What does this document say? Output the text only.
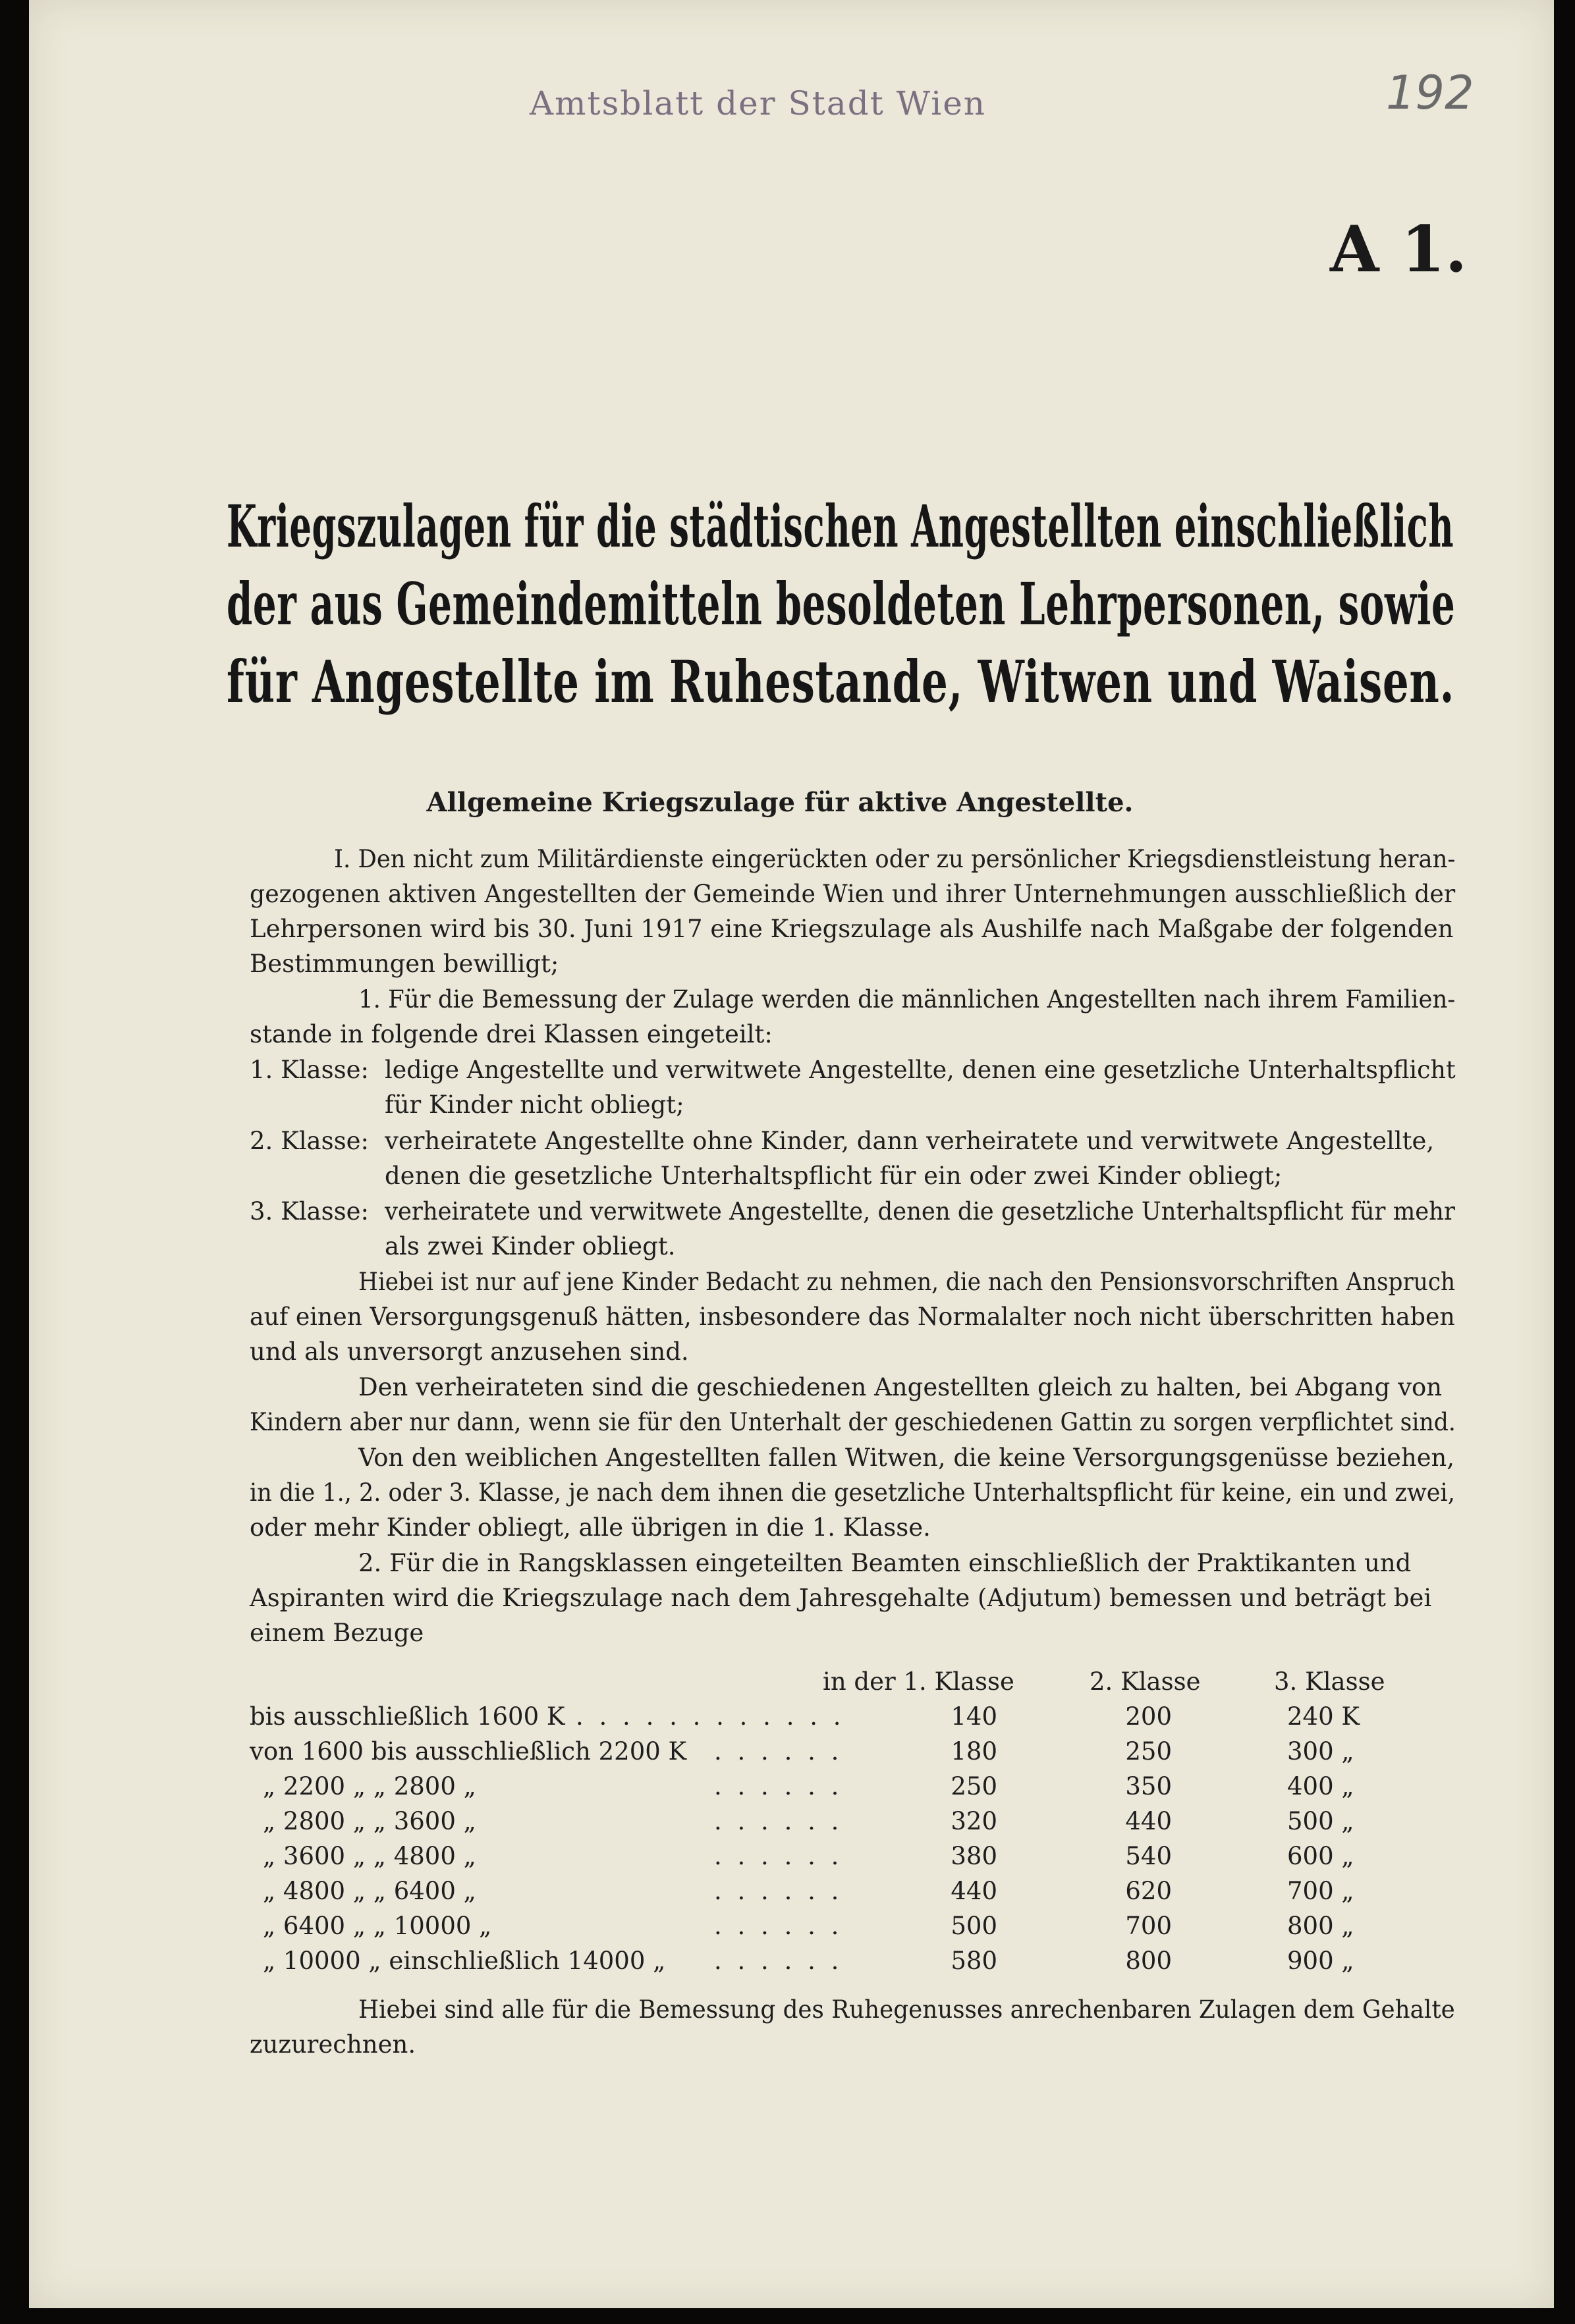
Amtsblatt der Stadt Wien	192
A 1.
Kriegszulagen für die städtischen Angestellten einschließlich
der aus Gemeindemitteln besoldeten Lehrpersonen, sowie
für Angestellte im Ruhestande, Witwen und Waisen.
Allgemeine Kriegszulage für aktive Angestellte.
I. Den nicht zum Militärdienste eingerückten oder zu persönlicher Kriegsdienstleistung heran-
gezogenen aktiven Angestellten der Gemeinde Wien und ihrer Unternehmungen ausschließlich der
Lehrpersonen wird bis 30. Juni 1917 eine Kriegszulage als Aushilfe nach Maßgabe der folgenden
Bestimmungen bewilligt;
1. Für die Bemessung der Zulage werden die männlichen Angestellten nach ihrem Familien-
stande in folgende drei Klassen eingeteilt:
1. Klasse: ledige Angestellte und verwitwete Angestellte, denen eine gesetzliche Unterhaltspflicht
für Kinder nicht obliegt;
2. Klasse: verheiratete Angestellte ohne Kinder, dann verheiratete und verwitwete Angestellte,
denen die gesetzliche Unterhaltspflicht für ein oder zwei Kinder obliegt;
3. Klasse: verheiratete und verwitwete Angestellte, denen die gesetzliche Unterhaltspflicht für mehr
als zwei Kinder obliegt.
Hiebei ist nur auf jene Kinder Bedacht zu nehmen, die nach den Pensionsvorschriften Anspruch
auf einen Versorgungsgenuß hätten, insbesondere das Normalalter noch nicht überschritten haben
und als unversorgt anzusehen sind.
Den verheirateten sind die geschiedenen Angestellten gleich zu halten, bei Abgang von
Kindern aber nur dann, wenn sie für den Unterhalt der geschiedenen Gattin zu sorgen verpflichtet sind.
Von den weiblichen Angestellten fallen Witwen, die keine Versorgungsgenüsse beziehen,
in die 1., 2. oder 3. Klasse, je nach dem ihnen die gesetzliche Unterhaltspflicht für keine, ein und zwei,
oder mehr Kinder obliegt, alle übrigen in die 1. Klasse.
2. Für die in Rangsklassen eingeteilten Beamten einschließlich der Praktikanten und
Aspiranten wird die Kriegszulage nach dem Jahresgehalte (Adjutum) bemessen und beträgt bei
einem Bezuge
in der 1. Klasse	2. Klasse	3. Klasse
bis ausschließlich 1600 K . . . . . . . . . . . .	140	200	240 K
von 1600 bis ausschließlich 2200 K . . . . . .	180	250	300 „
„ 2200 „ „ 2800 „	. . . . . .	250	350	400 „
„ 2800 „ „ 3600 „	. . . . . .	320	440	500 „
„ 3600 „ „ 4800 „	. . . . . .	380	540	600 „
„ 4800 „ „ 6400 „	. . . . . .	440	620	700 „
„ 6400 „ „ 10000 „	. . . . . .	500	700	800 „
„ 10000 „ einschließlich 14000 „ . . . . . .	580	800	900 „
Hiebei sind alle für die Bemessung des Ruhegenusses anrechenbaren Zulagen dem Gehalte
zuzurechnen.
